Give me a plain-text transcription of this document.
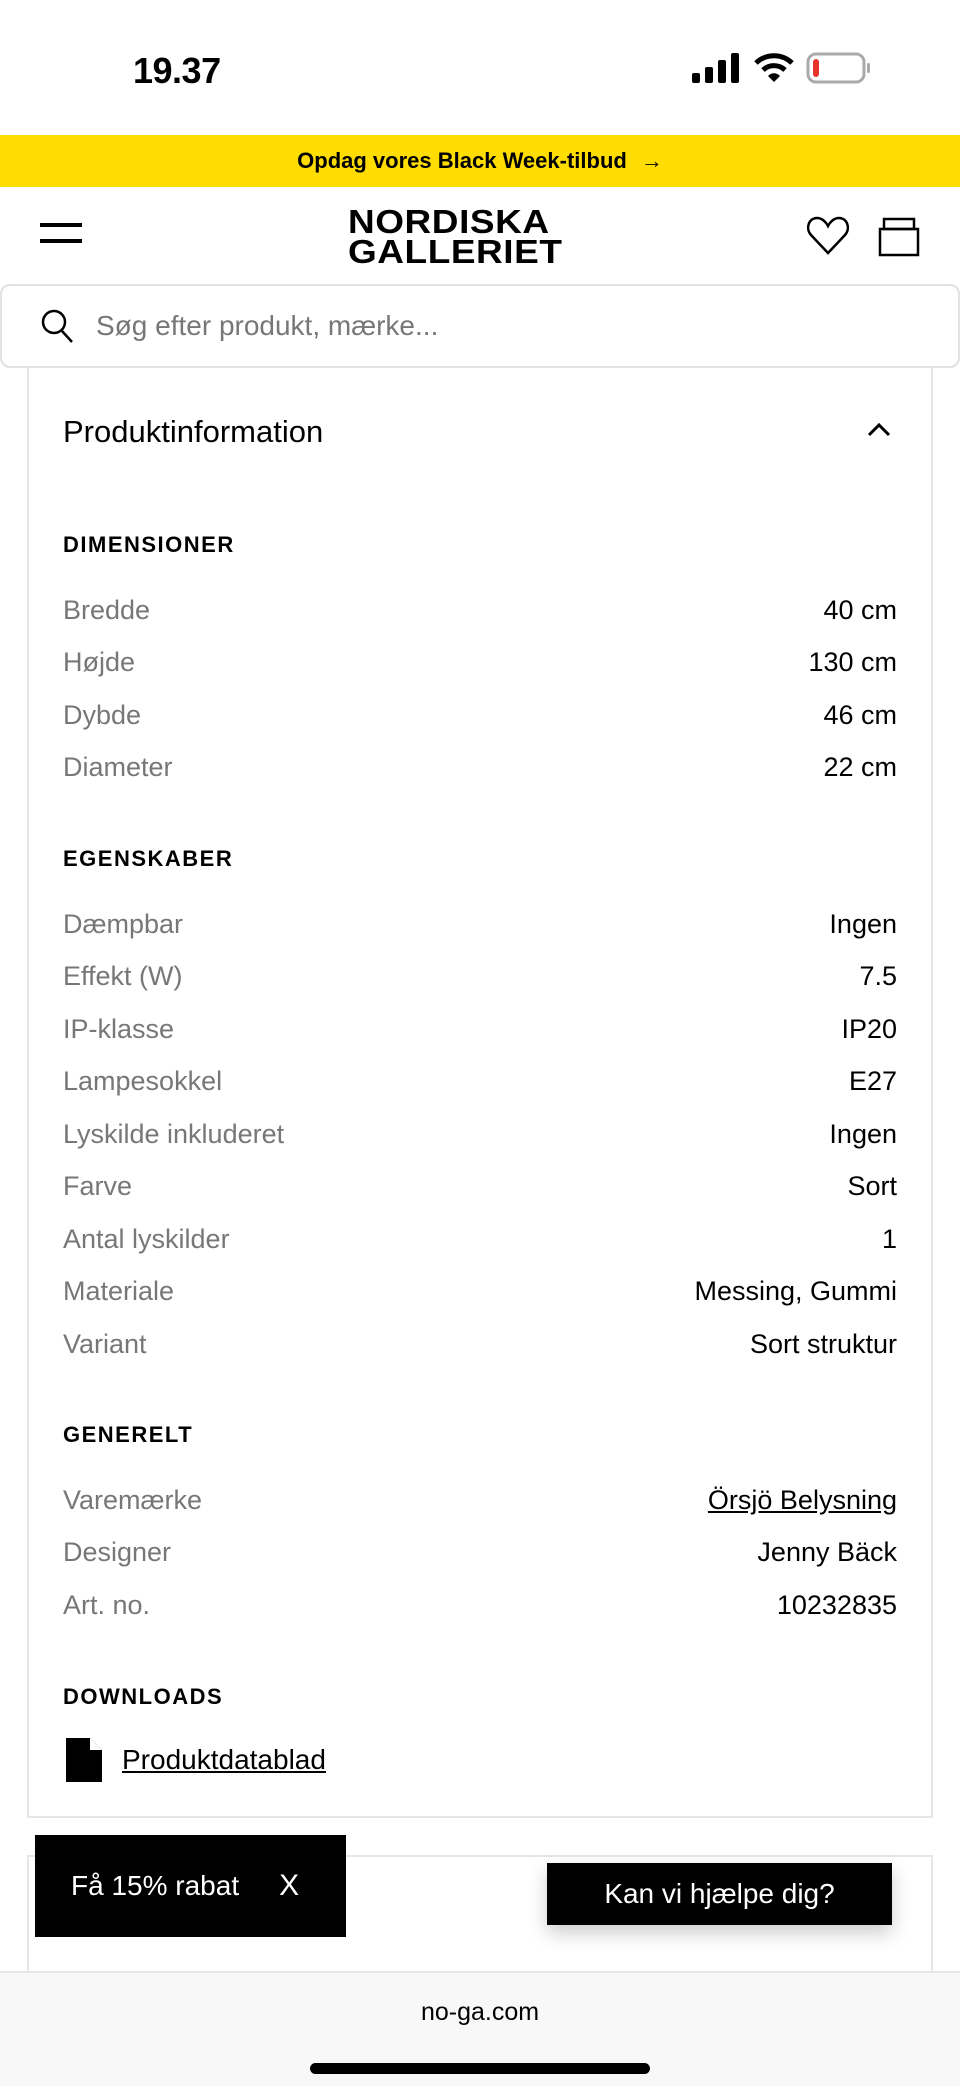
19.37
Opdag vores Black Week-tilbud →
NORDISKA
GALLERIET
Søg efter produkt, mærke...
Produktinformation
DIMENSIONER
Bredde	40 cm
Højde	130 cm
Dybde	46 cm
Diameter	22 cm
EGENSKABER
Dæmpbar	Ingen
Effekt (W)	7.5
IP-klasse	IP20
Lampesokkel	E27
Lyskilde inkluderet	Ingen
Farve	Sort
Antal lyskilder	1
Materiale	Messing, Gummi
Variant	Sort struktur
GENERELT
Varemærke	Örsjö Belysning
Designer	Jenny Bäck
Art. no.	10232835
DOWNLOADS
Produktdatablad
Få 15% rabat X	Kan vi hjælpe dig?
no-ga.com
